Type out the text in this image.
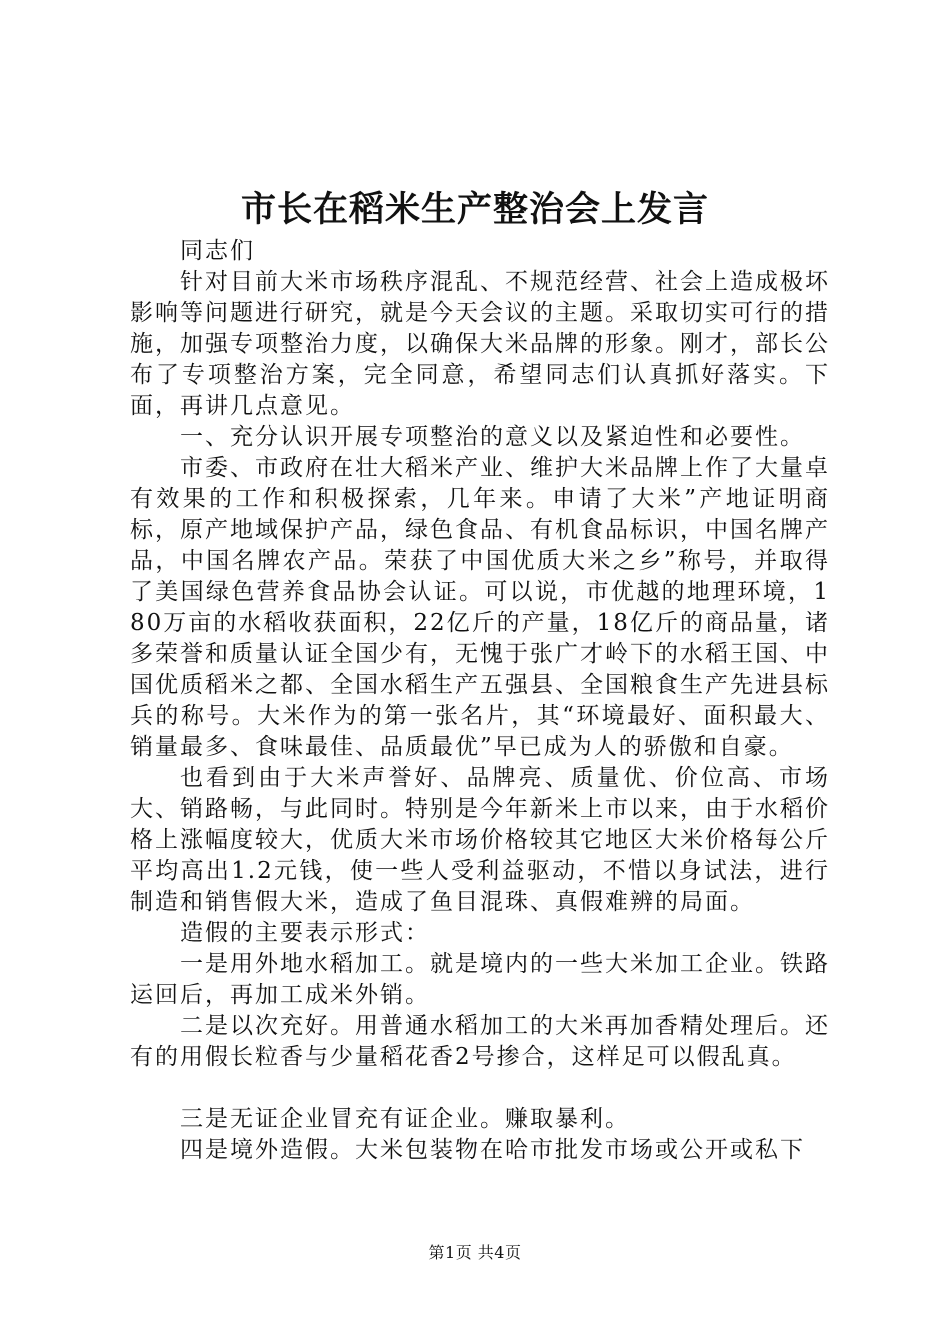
市长在稻米生产整治会上发言

同志们

针对目前大米市场秩序混乱、不规范经营、社会上造成极坏影响等问题进行研究，就是今天会议的主题。采取切实可行的措施，加强专项整治力度，以确保大米品牌的形象。刚才，部长公布了专项整治方案，完全同意，希望同志们认真抓好落实。下面，再讲几点意见。

一、充分认识开展专项整治的意义以及紧迫性和必要性。

市委、市政府在壮大稻米产业、维护大米品牌上作了大量卓有效果的工作和积极探索，几年来。申请了大米”产地证明商标，原产地域保护产品，绿色食品、有机食品标识，中国名牌产品，中国名牌农产品。荣获了中国优质大米之乡”称号，并取得了美国绿色营养食品协会认证。可以说，市优越的地理环境，180万亩的水稻收获面积，22亿斤的产量，18亿斤的商品量，诸多荣誉和质量认证全国少有，无愧于张广才岭下的水稻王国、中国优质稻米之都、全国水稻生产五强县、全国粮食生产先进县标兵的称号。大米作为的第一张名片，其“环境最好、面积最大、销量最多、食味最佳、品质最优”早已成为人的骄傲和自豪。

也看到由于大米声誉好、品牌亮、质量优、价位高、市场大、销路畅，与此同时。特别是今年新米上市以来，由于水稻价格上涨幅度较大，优质大米市场价格较其它地区大米价格每公斤平均高出1.2元钱，使一些人受利益驱动，不惜以身试法，进行制造和销售假大米，造成了鱼目混珠、真假难辨的局面。

造假的主要表示形式：

一是用外地水稻加工。就是境内的一些大米加工企业。铁路运回后，再加工成米外销。

二是以次充好。用普通水稻加工的大米再加香精处理后。还有的用假长粒香与少量稻花香2号掺合，这样足可以假乱真。

三是无证企业冒充有证企业。赚取暴利。

四是境外造假。大米包装物在哈市批发市场或公开或私下

第1页 共4页
